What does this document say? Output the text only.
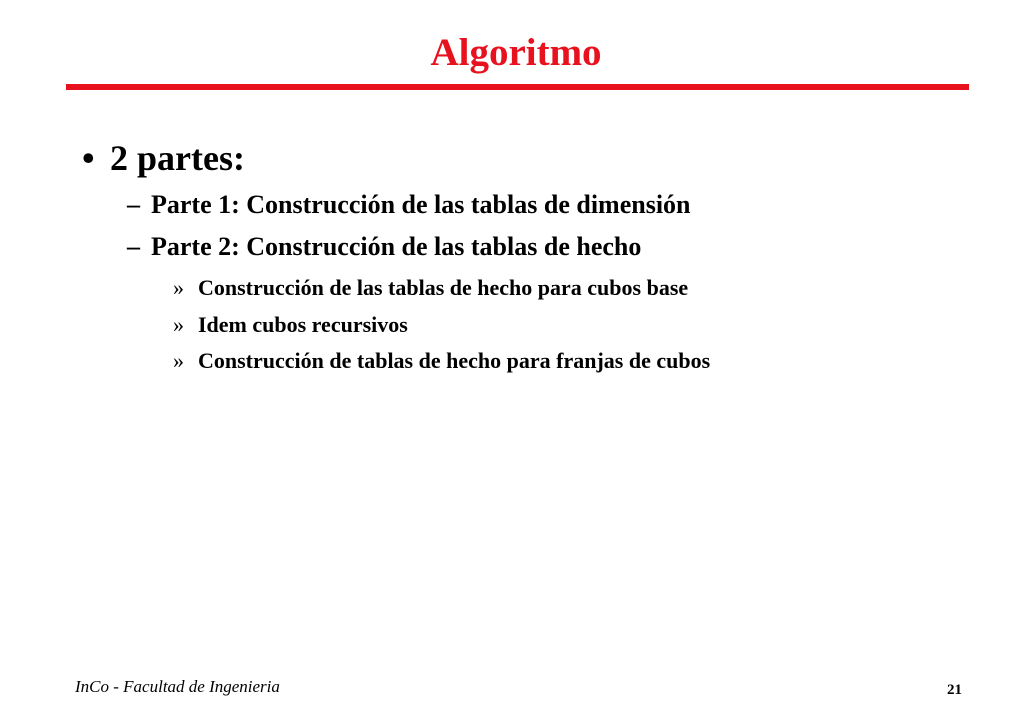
Algoritmo
• 2 partes:
– Parte 1: Construcción de las tablas de dimensión
– Parte 2: Construcción de las tablas de hecho
» Construcción de las tablas de hecho para cubos base
» Idem cubos recursivos
» Construcción de tablas de hecho para franjas de cubos
InCo - Facultad de Ingenieria	21
